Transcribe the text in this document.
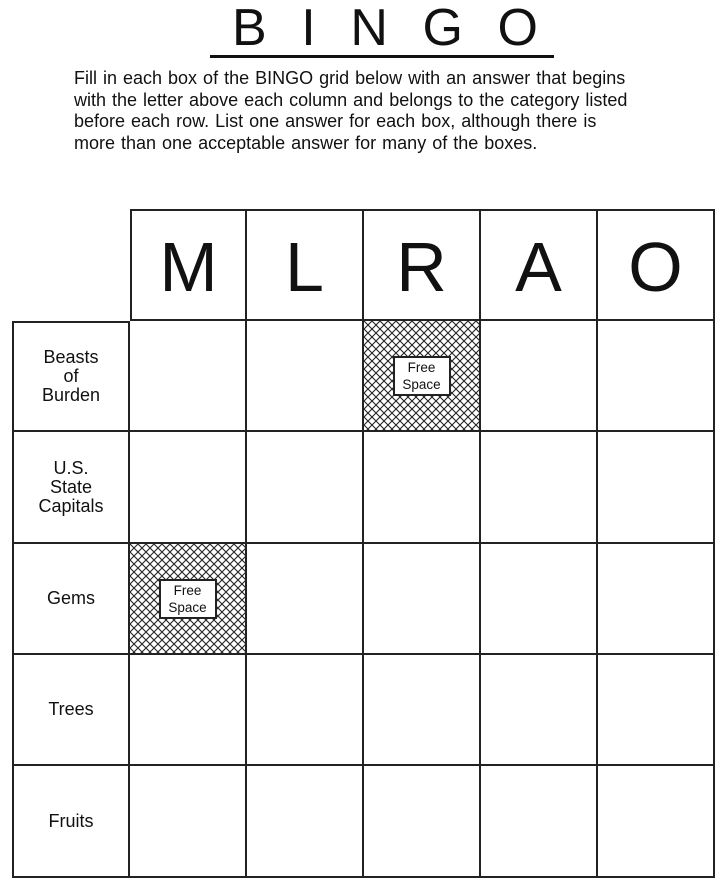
B I N G O
Fill in each box of the BINGO grid below with an answer that begins
with the letter above each column and belongs to the category listed
before each row. List one answer for each box, although there is
more than one acceptable answer for many of the boxes.
M L R A O
Beasts
of
Burden
Free
Space
U.S.
State
Capitals
Gems	Free
Space
Trees
Fruits
